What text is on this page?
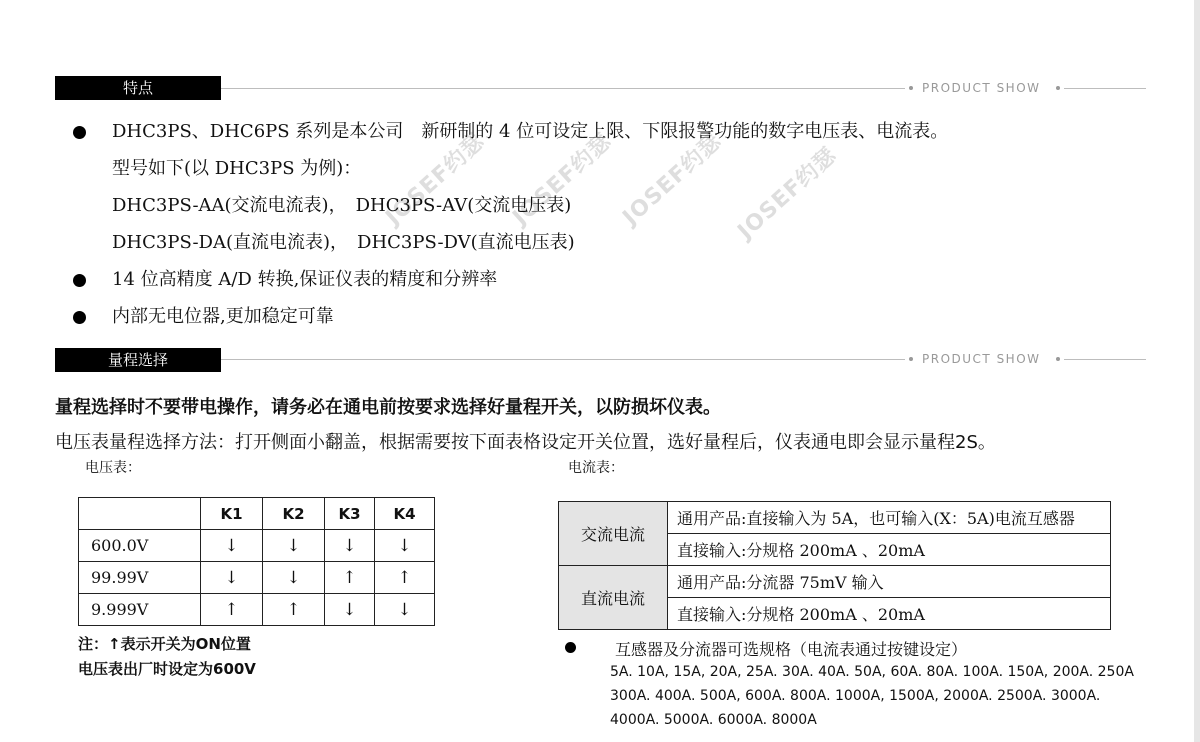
特点	PRODUCT SHOW
JOSEF约瑟 JOSEF约瑟 JOSEF约瑟 JOSEF约瑟
DHC3PS、DHC6PS 系列是本公司　新研制的 4 位可设定上限、下限报警功能的数字电压表、电流表。
型号如下(以 DHC3PS 为例)：
DHC3PS-AA(交流电流表)，　DHC3PS-AV(交流电压表)
DHC3PS-DA(直流电流表)，　DHC3PS-DV(直流电压表)
14 位高精度 A/D 转换,保证仪表的精度和分辨率
内部无电位器,更加稳定可靠
量程选择	PRODUCT SHOW
量程选择时不要带电操作，请务必在通电前按要求选择好量程开关，以防损坏仪表。
电压表量程选择方法：打开侧面小翻盖，根据需要按下面表格设定开关位置，选好量程后，仪表通电即会显示量程2S。
电压表：	电流表：
	K1	K2	K3	K4
600.0V	↓	↓	↓	↓
99.99V	↓	↓	↑	↑
9.999V	↑	↑	↓	↓
注：↑表示开关为ON位置
电压表出厂时设定为600V
交流电流	通用产品:直接输入为 5A，也可输入(X：5A)电流互感器
	直接输入:分规格 200mA 、20mA
直流电流	通用产品:分流器 75mV 输入
	直接输入:分规格 200mA 、20mA
互感器及分流器可选规格（电流表通过按键设定）
5A. 10A, 15A, 20A, 25A. 30A. 40A. 50A, 60A. 80A. 100A. 150A, 200A. 250A
300A. 400A. 500A, 600A. 800A. 1000A, 1500A, 2000A. 2500A. 3000A.
4000A. 5000A. 6000A. 8000A
